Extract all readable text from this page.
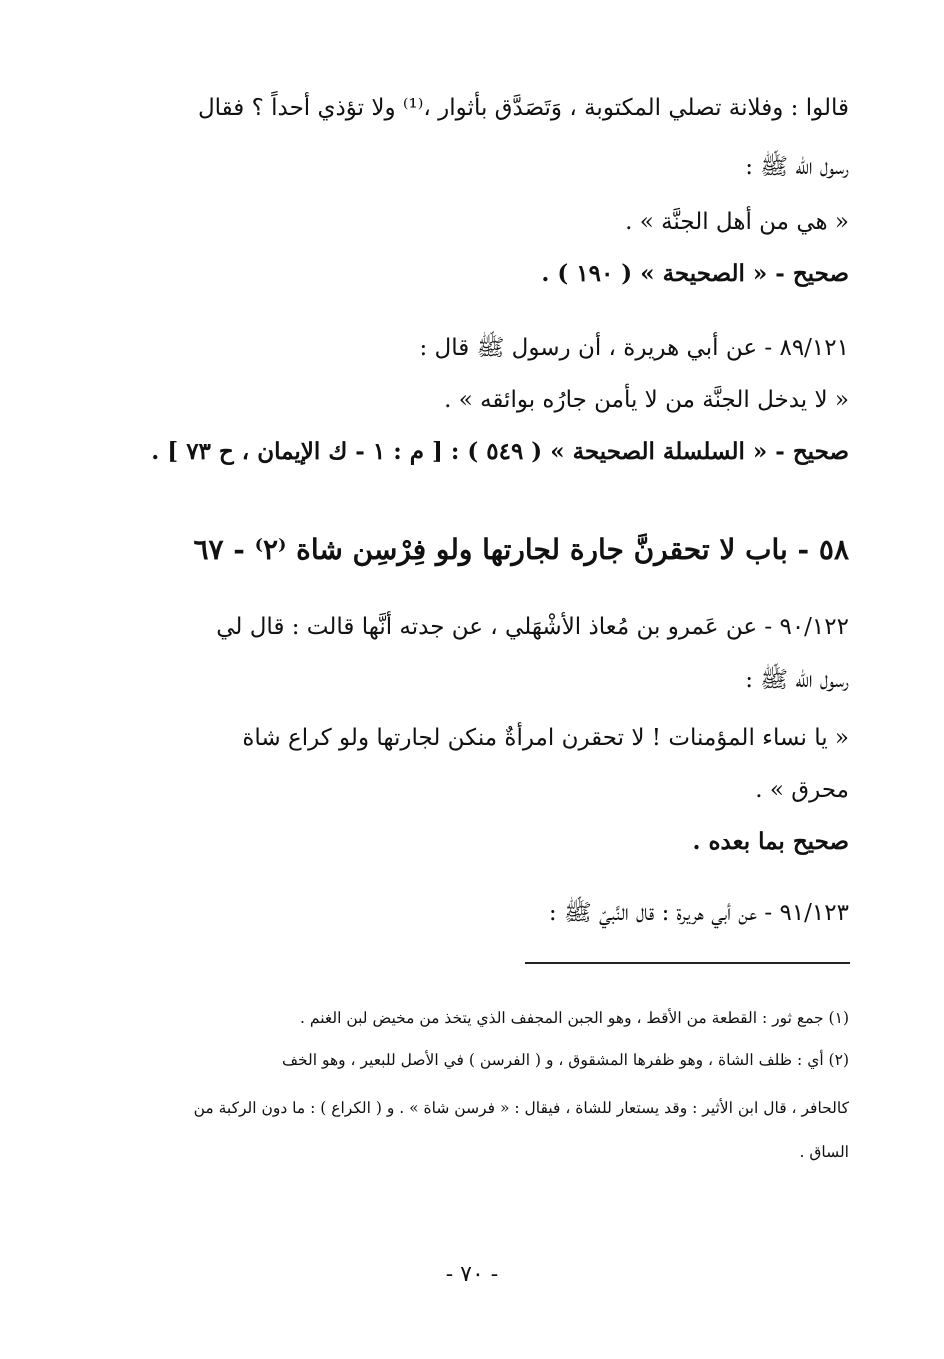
قالوا : وفلانة تصلي المكتوبة ، وَتَصَدَّق بأثوار ،⁽¹⁾ ولا تؤذي أحداً ؟ فقال
رسول الله ﷺ :
« هي من أهل الجنَّة » .
صحيح - « الصحيحة » ( ١٩٠ ) .
٨٩/١٢١ - عن أبي هريرة ، أن رسول ﷺ قال :
« لا يدخل الجنَّة من لا يأمن جارُه بوائقه » .
صحيح - « السلسلة الصحيحة » ( ٥٤٩ ) : [ م : ١ - ك الإيمان ، ح ٧٣ ] .
٥٨ - باب لا تحقرنَّ جارة لجارتها ولو فِرْسِن شاة ⁽٢⁾ - ٦٧
٩٠/١٢٢ - عن عَمرو بن مُعاذ الأشْهَلي ، عن جدته أنَّها قالت : قال لي
رسول الله ﷺ :
« يا نساء المؤمنات ! لا تحقرن امرأةٌ منكن لجارتها ولو كراع شاة
محرق » .
صحيح بما بعده .
٩١/١٢٣ - عن أبي هريرة : قال النَّبيّ ﷺ :
(١) جمع ثور : القطعة من الأقط ، وهو الجبن المجفف الذي يتخذ من مخيض لبن الغنم .
(٢) أي : ظلف الشاة ، وهو ظفرها المشقوق ، و ( الفرسن ) في الأصل للبعير ، وهو الخف
كالحافر ، قال ابن الأثير : وقد يستعار للشاة ، فيقال : « فرسن شاة » . و ( الكراع ) : ما دون الركبة من
الساق .
- ٧٠ -
